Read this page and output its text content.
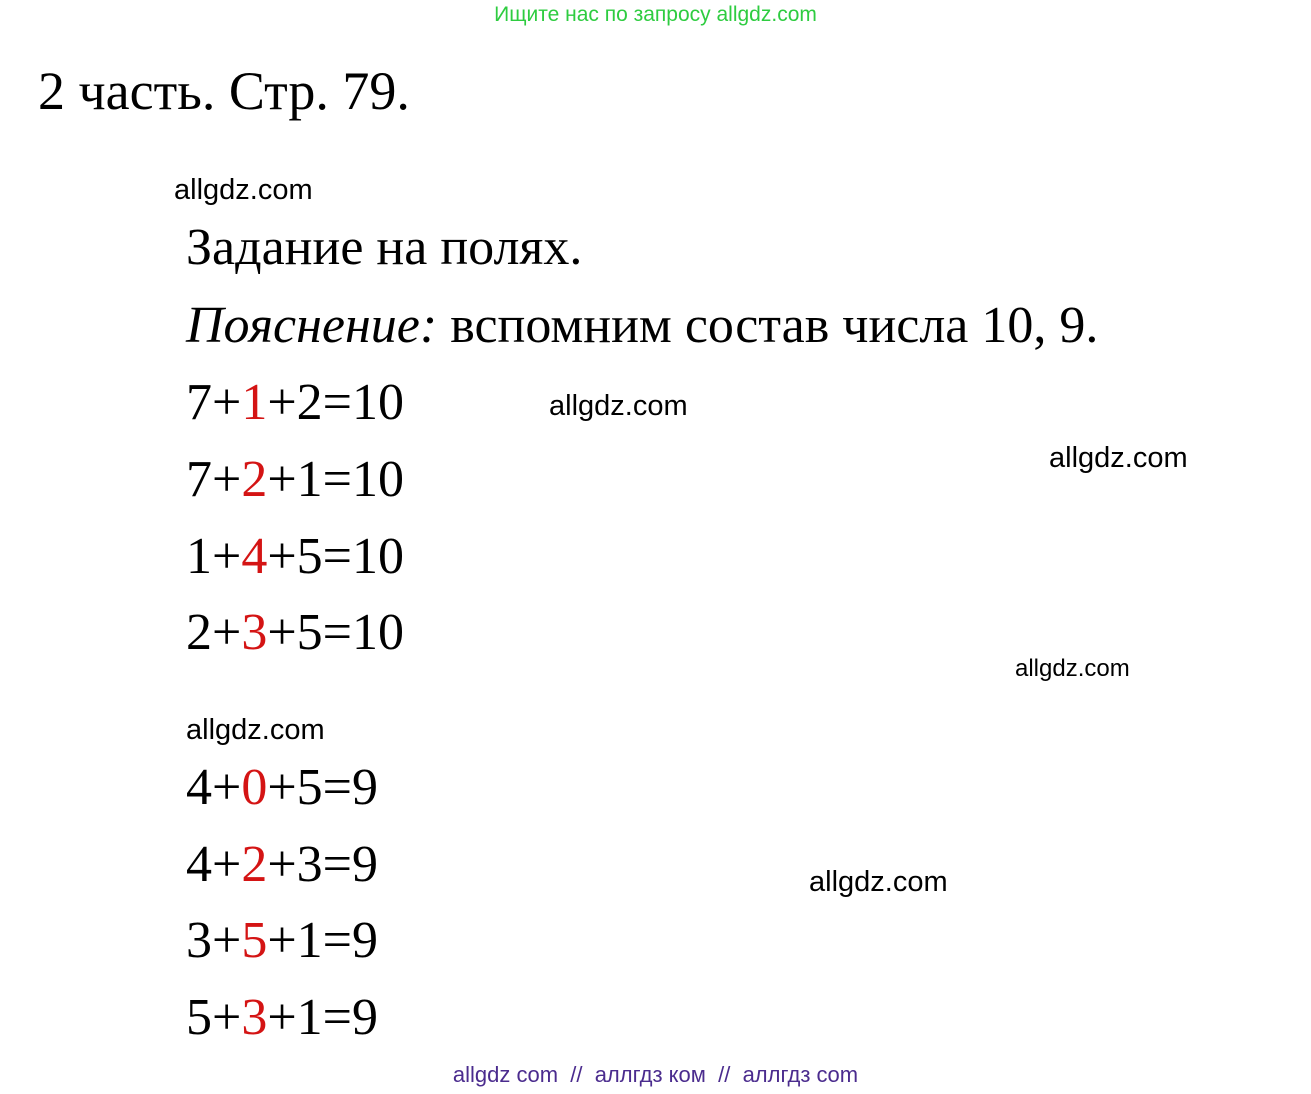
Ищите нас по запросу allgdz.com
2 часть. Стр. 79.
allgdz.com
Задание на полях.
Пояснение: вспомним состав числа 10, 9.
7+1+2=10
7+2+1=10
1+4+5=10
2+3+5=10
allgdz.com
allgdz.com
allgdz.com
allgdz.com
4+0+5=9
4+2+3=9
3+5+1=9
5+3+1=9
allgdz.com
allgdz com  //  аллгдз ком  //  аллгдз com
